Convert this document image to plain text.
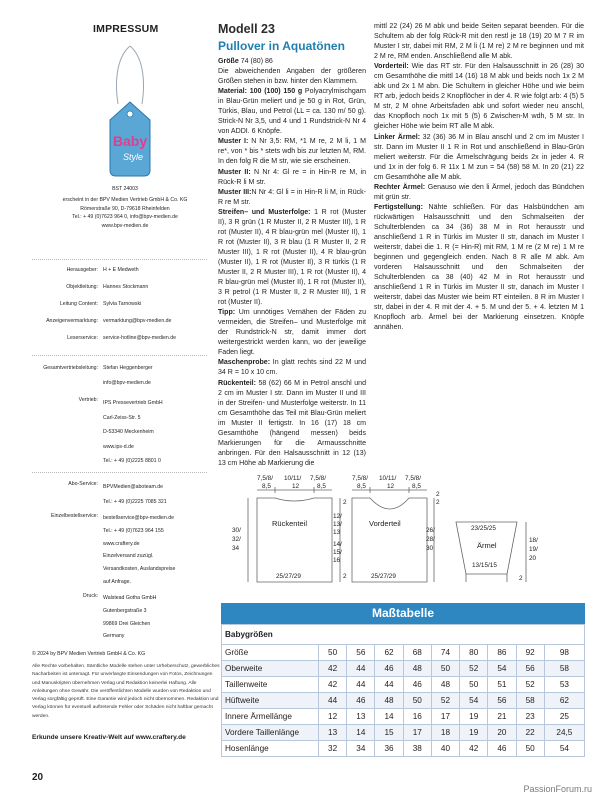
IMPRESSUM
Baby
Style
BST 24003
erscheint in der BPV Medien Vertrieb GmbH & Co. KG
Römerstraße 90, D-79618 Rheinfelden
Tel.: + 49 (0)7623 964 0, info@bpv-medien.de
www.bpv-medien.de
Herausgeber: H + E Medweth
Objektleitung: Hannes Stockmann
Leitung Content: Sylvia Tarnowski
Anzeigenvermarktung: vermarktung@bpv-medien.de
Leserservice: service-hotline@bpv-medien.de
Gesamtvertriebsleitung: Stefan Heggenberger
info@bpv-medien.de
Vertrieb: IPS Pressevertrieb GmbH
Carl-Zeiss-Str. 5
D-53340 Meckenheim
www.ips-d.de
Tel.: + 49 (0)2225 8801 0
Abo-Service: BPVMedien@aboteam.de
Tel.: + 49 (0)2225 7085 321
Einzelbestellservice: bestellservice@bpv-medien.de
Tel.: + 49 (0)7623 964 155
www.craftery.de
Einzelversand zuzügl.
Versandkosten, Auslandspreise
auf Anfrage.
Druck: Walstead Gotha GmbH
Gutenbergstraße 3
99869 Drei Gleichen
Germany
© 2024 by BPV Medien Vertrieb GmbH & Co. KG
Alle Rechte vorbehalten. Sämtliche Modelle stehen unter Urheberschutz, gewerbliches Nacharbeiten ist untersagt. Für unverlangte Einsendungen von Fotos, Zeichnungen und Manuskripten übernehmen Verlag und Redaktion keinerlei Haftung. Alle Anleitungen ohne Gewähr. Die veröffentlichten Modelle wurden von Redaktion und Verlag sorgfältig geprüft. Eine Garantie wird jedoch nicht übernommen. Redaktion und Verlag können für eventuell auftretende Fehler oder Schäden nicht haftbar gemacht werden.
Erkunde unsere Kreativ-Welt auf www.craftery.de
20
Modell 23
Pullover in Aquatönen

Größe 74 (80) 86

Die abweichenden Angaben der größeren Größen stehen in bzw. hinter den Klammern.

Material: 100 (100) 150 g Polyacrylmischgarn in Blau-Grün meliert und je 50 g in Rot, Grün, Türkis, Blau, und Petrol (LL = ca. 130 m/ 50 g). Strick-N Nr 3,5, und 4 und 1 Rundstrick-N Nr 4 von ADDI. 6 Knöpfe.

Muster I: N Nr 3,5: RM, *1 M re, 2 M li, 1 M re*, von * bis * stets wdh bis zur letzten M, RM. In den folg R die M str, wie sie erscheinen.

Muster II: N Nr 4: Gl re = in Hin-R re M, in Rück-R li M str.

Muster III:N Nr 4: Gl li = in Hin-R li M, in Rück-R re M str.

Streifen– und Musterfolge: 1 R rot (Muster II), 3 R grün (1 R Muster II, 2 R Muster III), 1 R rot (Muster II), 4 R blau-grün mel (Muster II), 1 R rot (Muster II), 3 R blau (1 R Muster II, 2 R Muster III), 1 R rot (Muster II), 4 R blau-grün (Muster II), 1 R rot (Muster II), 3 R türkis (1 R Muster II, 2 R Muster III), 1 R rot (Muster II), 4 R blau-grün mel (Muster II), 1 R rot (Muster II), 3 R petrol (1 R Muster II, 2 R Muster III), 1 R rot (Muster II).

Tipp: Um unnötiges Vernähen der Fäden zu vermeiden, die Streifen– und Musterfolge mit der Rundstrick-N str, damit immer dort weitergestrickt werden kann, wo der jeweilige Faden liegt.

Maschenprobe: In glatt rechts sind 22 M und 34 R = 10 x 10 cm.

Rückenteil: 58 (62) 66 M in Petrol anschl und 2 cm im Muster I str. Dann im Muster II und III in der Streifen- und Musterfolge weiterstr. In 11 cm Gesamthöhe das Teil mit Blau-Grün meliert im Muster II fertigstr. In 16 (17) 18 cm Gesamthöhe (hängend messen) beids Markierungen für die Armausschnitte anbringen. Für den Halsausschnitt in 12 (13) 13 cm Höhe ab Markierung die

mittl 22 (24) 26 M abk und beide Seiten separat beenden. Für die Schultern ab der folg Rück-R mit den restl je 18 (19) 20 M 7 R im Muster I str, dabei mit RM, 2 M li (1 M re) 2 M re beginnen und mit 2 M re, RM enden. Anschließend alle M abk.

Vorderteil: Wie das RT str. Für den Halsausschnitt in 26 (28) 30 cm Gesamthöhe die mittl 14 (16) 18 M abk und beids noch 1x 2 M abk und 2x 1 M abn. Die Schultern in gleicher Höhe und wie beim RT arb, jedoch beids 2 Knopflöcher in der 4. R wie folgt arb: 4 (5) 5 M str, 2 M ohne Arbeitsfaden abk und sofort wieder neu anschl, das Knopfloch noch 1x mit 5 (5) 6 Zwischen-M wdh, 5 M str. In gleicher Höhe wie beim RT alle M abk.

Linker Ärmel: 32 (36) 36 M in Blau anschl und 2 cm im Muster I str. Dann im Muster II 1 R in Rot und anschließend in Blau-Grün meliert weiterstr. Für die Ärmelschrägung beids 2x in jeder 4. R und 1x in der folg 6. R 11x 1 M zun = 54 (58) 58 M. In 20 (21) 22 cm Gesamthöhe alle M abk.

Rechter Ärmel: Genauso wie den li Ärmel, jedoch das Bündchen mit grün str.

Fertigstellung: Nähte schließen. Für das Halsbündchen am rückwärtigen Halsausschnitt und den Schmalseiten der Schulterblenden ca 34 (36) 38 M in Rot herausstr und anschließend 1 R in Türkis im Muster II str, danach im Muster I weiterstr, dabei die 1. R (= Hin-R) mit RM, 1 M re (2 M re) 1 M re beginnen und gegengleich enden. Nach 8 R alle M abk. Am vorderen Halsausschnitt und den Schmalseiten der Schulterblenden ca 38 (40) 42 M in Rot herausstr und anschließend 1 R in Türkis im Muster II str, danach im Muster I weiterstr, dabei das Muster wie beim RT einteilen. 8 R im Muster I str, dabei in der 4. R mit der 4. + 5. M und der 5. + 4. letzten M 1 Knopfloch arb. Ärmel bei der Markierung einsetzen. Knöpfe annähen.

7,5/8/ 10/11/ 7,5/8/
8,5	12	8,5
Rückenteil
25/27/29
30/
32/
34
2
12/
13/
13
14/
15/
16
2
7,5/8/ 10/11/ 7,5/8/
8,5	12	8,5
Vorderteil
25/27/29
2
2
26/
28/
30
23/25/25
Ärmel
13/15/15
18/
19/
20
2
Maßtabelle
Babygrößen									
Größe	50	56	62	68	74	80	86	92	98
Oberweite	42	44	46	48	50	52	54	56	58
Taillenweite	42	44	44	46	48	50	51	52	53
Hüftweite	44	46	48	50	52	54	56	58	62
Innere Ärmellänge	12	13	14	16	17	19	21	23	25
Vordere Taillenlänge	13	14	15	17	18	19	20	22	24,5
Hosenlänge	32	34	36	38	40	42	46	50	54
PassionForum.ru
